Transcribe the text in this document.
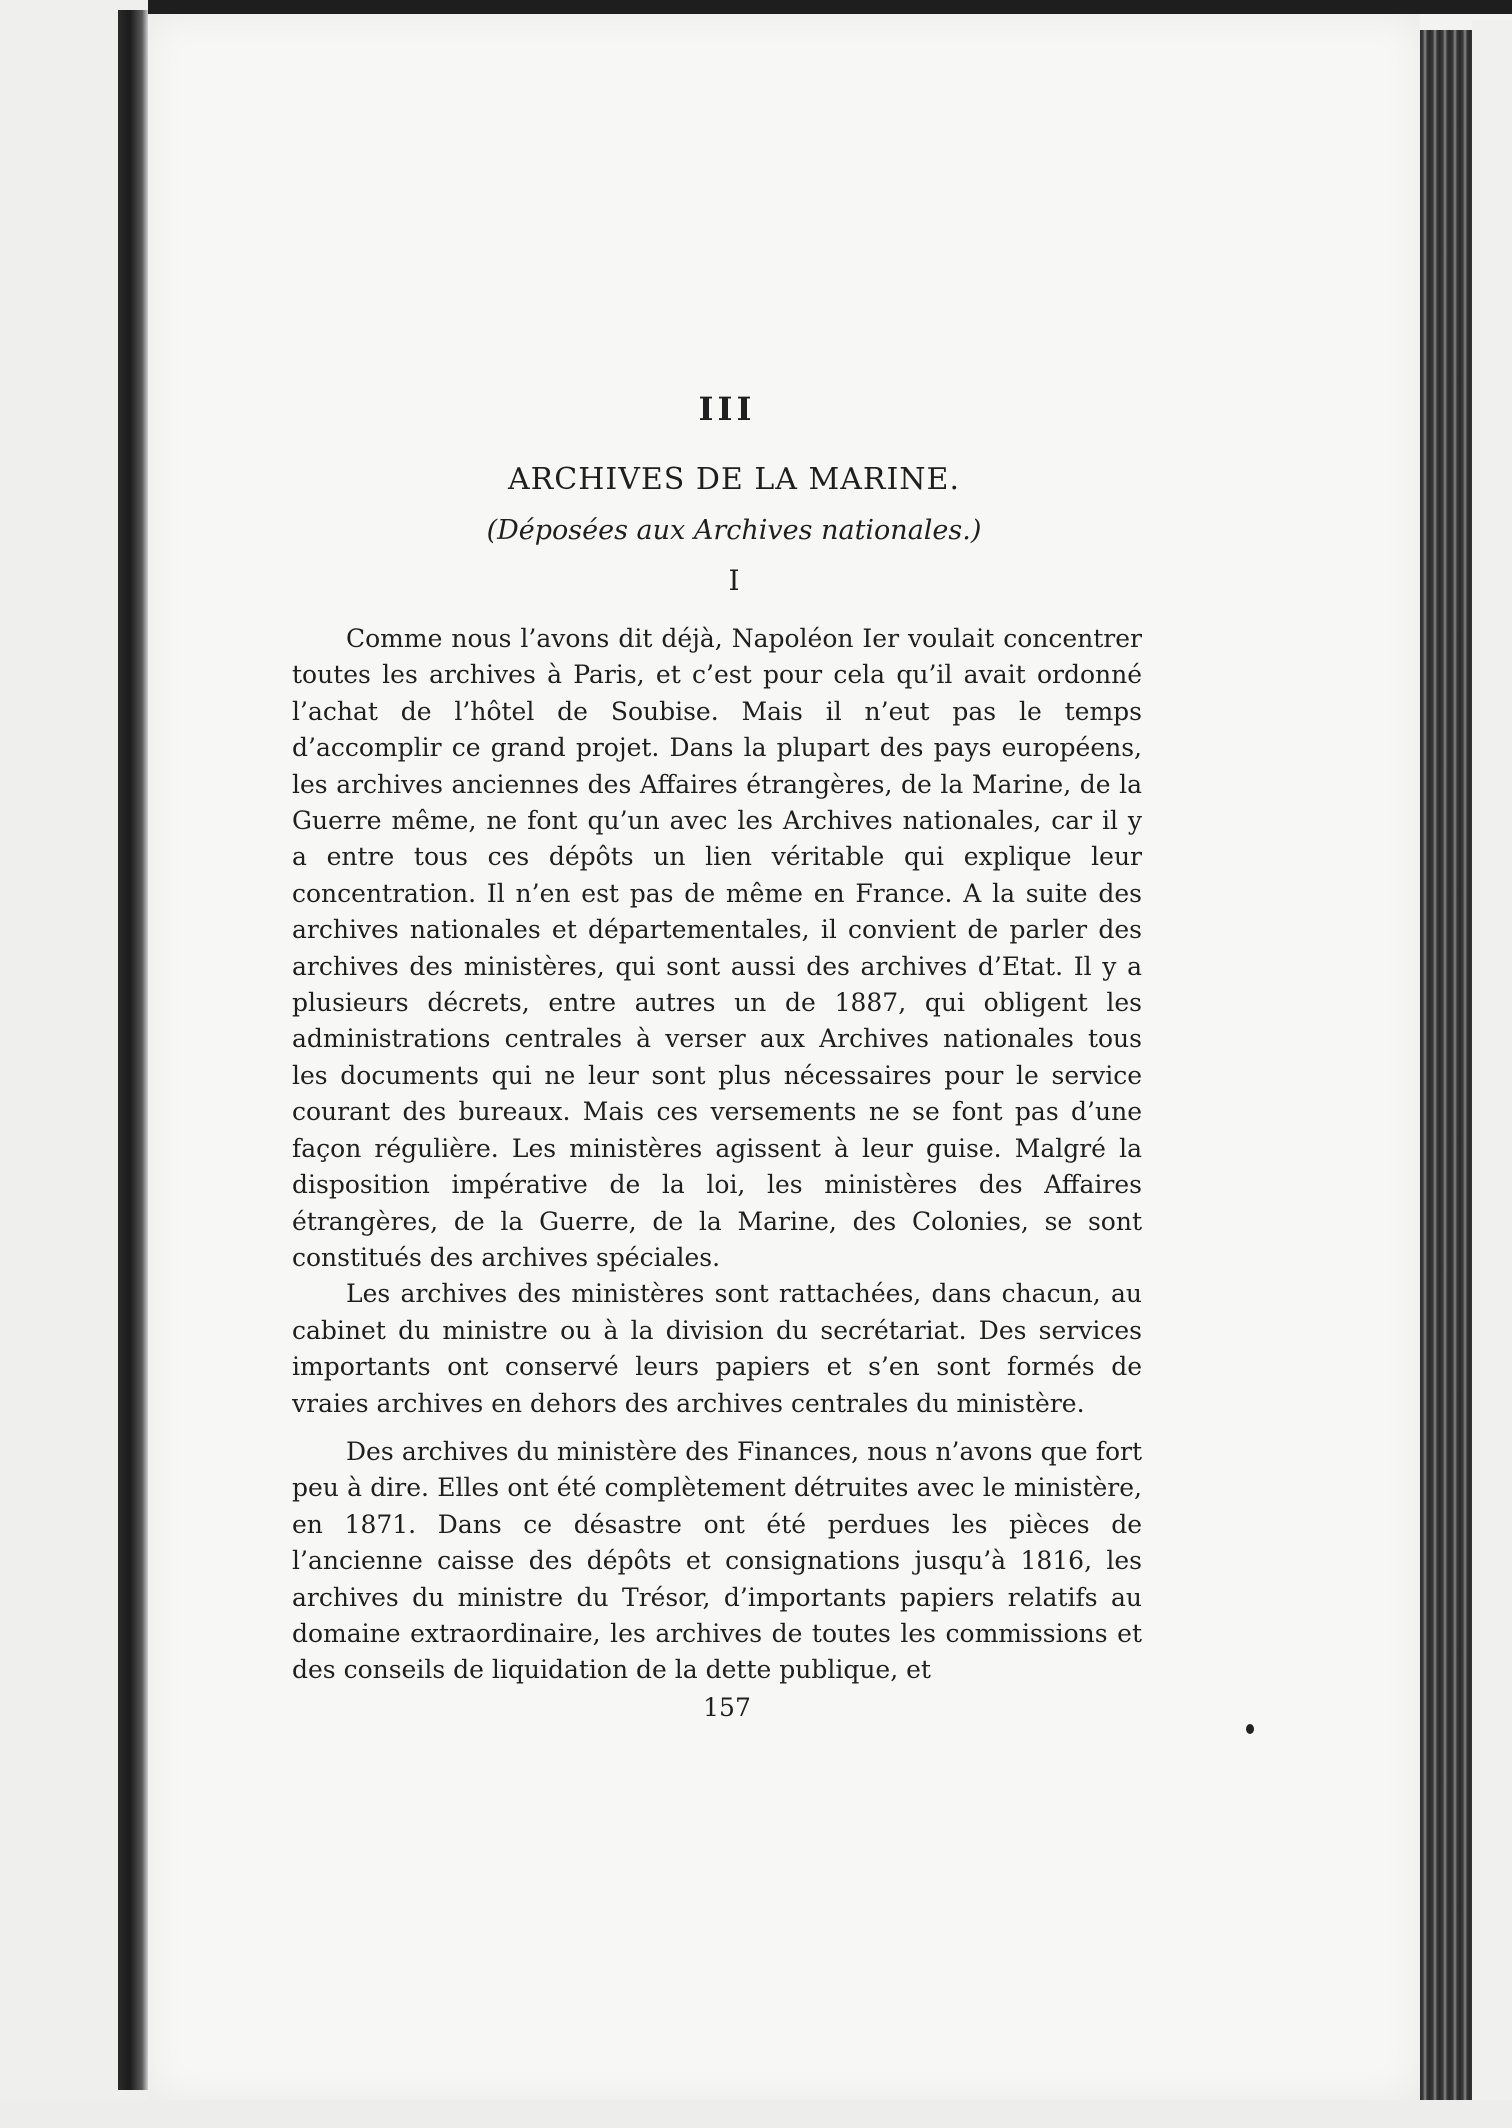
III
ARCHIVES DE LA MARINE.
(Déposées aux Archives nationales.)
I

Comme nous l’avons dit déjà, Napoléon Ier voulait concentrer toutes les archives à Paris, et c’est pour cela qu’il avait ordonné l’achat de l’hôtel de Soubise. Mais il n’eut pas le temps d’accomplir ce grand projet. Dans la plupart des pays européens, les archives anciennes des Affaires étrangères, de la Marine, de la Guerre même, ne font qu’un avec les Archives nationales, car il y a entre tous ces dépôts un lien véritable qui explique leur concentration. Il n’en est pas de même en France. A la suite des archives nationales et départementales, il convient de parler des archives des ministères, qui sont aussi des archives d’Etat. Il y a plusieurs décrets, entre autres un de 1887, qui obligent les administrations centrales à verser aux Archives nationales tous les documents qui ne leur sont plus nécessaires pour le service courant des bureaux. Mais ces versements ne se font pas d’une façon régulière. Les ministères agissent à leur guise. Malgré la disposition impérative de la loi, les ministères des Affaires étrangères, de la Guerre, de la Marine, des Colonies, se sont constitués des archives spéciales.

Les archives des ministères sont rattachées, dans chacun, au cabinet du ministre ou à la division du secrétariat. Des services importants ont conservé leurs papiers et s’en sont formés de vraies archives en dehors des archives centrales du ministère.

Des archives du ministère des Finances, nous n’avons que fort peu à dire. Elles ont été complètement détruites avec le ministère, en 1871. Dans ce désastre ont été perdues les pièces de l’ancienne caisse des dépôts et consignations jusqu’à 1816, les archives du ministre du Trésor, d’importants papiers relatifs au domaine extraordinaire, les archives de toutes les commissions et des conseils de liquidation de la dette publique, et

157
